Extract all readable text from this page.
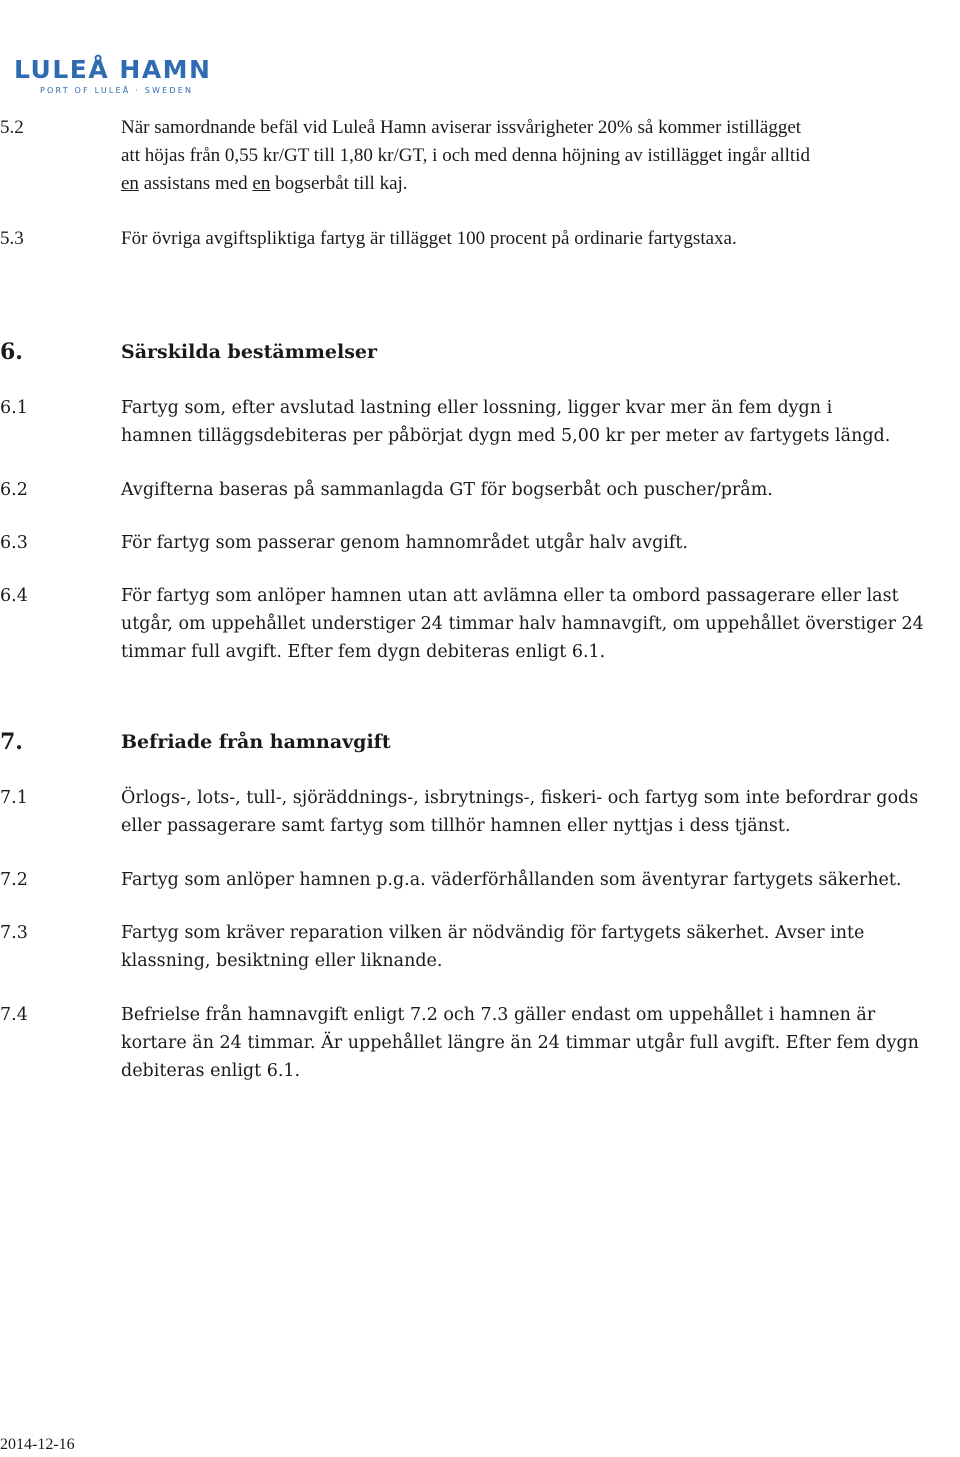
LULEÅ HAMN
PORT OF LULEÅ · SWEDEN
5.2	När samordnande befäl vid Luleå Hamn aviserar issvårigheter 20% så kommer istillägget
att höjas från 0,55 kr/GT till 1,80 kr/GT, i och med denna höjning av istillägget ingår alltid
en assistans med en bogserbåt till kaj.
5.3	För övriga avgiftspliktiga fartyg är tillägget 100 procent på ordinarie fartygstaxa.
6.	Särskilda bestämmelser
6.1	Fartyg som, efter avslutad lastning eller lossning, ligger kvar mer än fem dygn i
hamnen tilläggsdebiteras per påbörjat dygn med 5,00 kr per meter av fartygets längd.
6.2	Avgifterna baseras på sammanlagda GT för bogserbåt och puscher/pråm.
6.3	För fartyg som passerar genom hamnområdet utgår halv avgift.
6.4	För fartyg som anlöper hamnen utan att avlämna eller ta ombord passagerare eller last
utgår, om uppehållet understiger 24 timmar halv hamnavgift, om uppehållet överstiger 24
timmar full avgift. Efter fem dygn debiteras enligt 6.1.
7.	Befriade från hamnavgift
7.1	Örlogs-, lots-, tull-, sjöräddnings-, isbrytnings-, fiskeri- och fartyg som inte befordrar gods
eller passagerare samt fartyg som tillhör hamnen eller nyttjas i dess tjänst.
7.2	Fartyg som anlöper hamnen p.g.a. väderförhållanden som äventyrar fartygets säkerhet.
7.3	Fartyg som kräver reparation vilken är nödvändig för fartygets säkerhet. Avser inte
klassning, besiktning eller liknande.
7.4	Befrielse från hamnavgift enligt 7.2 och 7.3 gäller endast om uppehållet i hamnen är
kortare än 24 timmar. Är uppehållet längre än 24 timmar utgår full avgift. Efter fem dygn
debiteras enligt 6.1.
2014-12-16
